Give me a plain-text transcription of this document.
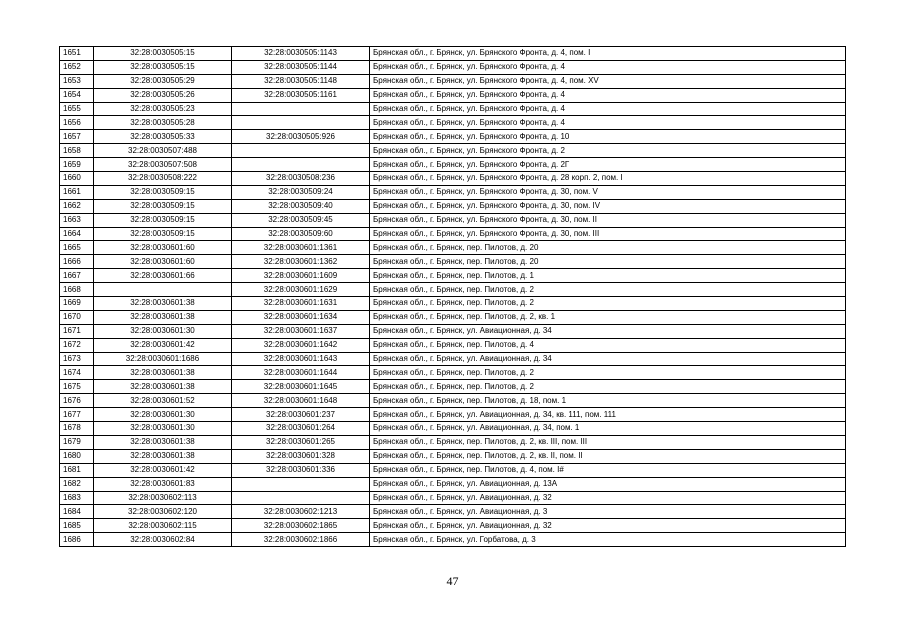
1651	32:28:0030505:15	32:28:0030505:1143	Брянская обл., г. Брянск, ул. Брянского Фронта, д. 4, пом. I
1652	32:28:0030505:15	32:28:0030505:1144	Брянская обл., г. Брянск, ул. Брянского Фронта, д. 4
1653	32:28:0030505:29	32:28:0030505:1148	Брянская обл., г. Брянск, ул. Брянского Фронта, д. 4, пом. XV
1654	32:28:0030505:26	32:28:0030505:1161	Брянская обл., г. Брянск, ул. Брянского Фронта, д. 4
1655	32:28:0030505:23		Брянская обл., г. Брянск, ул. Брянского Фронта, д. 4
1656	32:28:0030505:28		Брянская обл., г. Брянск, ул. Брянского Фронта, д. 4
1657	32:28:0030505:33	32:28:0030505:926	Брянская обл., г. Брянск, ул. Брянского Фронта, д. 10
1658	32:28:0030507:488		Брянская обл., г. Брянск, ул. Брянского Фронта, д. 2
1659	32:28:0030507:508		Брянская обл., г. Брянск, ул. Брянского Фронта, д. 2Г
1660	32:28:0030508:222	32:28:0030508:236	Брянская обл., г. Брянск, ул. Брянского Фронта, д. 28 корп. 2, пом. I
1661	32:28:0030509:15	32:28:0030509:24	Брянская обл., г. Брянск, ул. Брянского Фронта, д. 30, пом. V
1662	32:28:0030509:15	32:28:0030509:40	Брянская обл., г. Брянск, ул. Брянского Фронта, д. 30, пом. IV
1663	32:28:0030509:15	32:28:0030509:45	Брянская обл., г. Брянск, ул. Брянского Фронта, д. 30, пом. II
1664	32:28:0030509:15	32:28:0030509:60	Брянская обл., г. Брянск, ул. Брянского Фронта, д. 30, пом. III
1665	32:28:0030601:60	32:28:0030601:1361	Брянская обл., г. Брянск, пер. Пилотов, д. 20
1666	32:28:0030601:60	32:28:0030601:1362	Брянская обл., г. Брянск, пер. Пилотов, д. 20
1667	32:28:0030601:66	32:28:0030601:1609	Брянская обл., г. Брянск, пер. Пилотов, д. 1
1668		32:28:0030601:1629	Брянская обл., г. Брянск, пер. Пилотов, д. 2
1669	32:28:0030601:38	32:28:0030601:1631	Брянская обл., г. Брянск, пер. Пилотов, д. 2
1670	32:28:0030601:38	32:28:0030601:1634	Брянская обл., г. Брянск, пер. Пилотов, д. 2, кв. 1
1671	32:28:0030601:30	32:28:0030601:1637	Брянская обл., г. Брянск, ул. Авиационная, д. 34
1672	32:28:0030601:42	32:28:0030601:1642	Брянская обл., г. Брянск, пер. Пилотов, д. 4
1673	32:28:0030601:1686	32:28:0030601:1643	Брянская обл., г. Брянск, ул. Авиационная, д. 34
1674	32:28:0030601:38	32:28:0030601:1644	Брянская обл., г. Брянск, пер. Пилотов, д. 2
1675	32:28:0030601:38	32:28:0030601:1645	Брянская обл., г. Брянск, пер. Пилотов, д. 2
1676	32:28:0030601:52	32:28:0030601:1648	Брянская обл., г. Брянск, пер. Пилотов, д. 18, пом. 1
1677	32:28:0030601:30	32:28:0030601:237	Брянская обл., г. Брянск, ул. Авиационная, д. 34, кв. 111, пом. 111
1678	32:28:0030601:30	32:28:0030601:264	Брянская обл., г. Брянск, ул. Авиационная, д. 34, пом. 1
1679	32:28:0030601:38	32:28:0030601:265	Брянская обл., г. Брянск, пер. Пилотов, д. 2, кв. III, пом. III
1680	32:28:0030601:38	32:28:0030601:328	Брянская обл., г. Брянск, пер. Пилотов, д. 2, кв. II, пом. II
1681	32:28:0030601:42	32:28:0030601:336	Брянская обл., г. Брянск, пер. Пилотов, д. 4, пом. I#
1682	32:28:0030601:83		Брянская обл., г. Брянск, ул. Авиационная, д. 13А
1683	32:28:0030602:113		Брянская обл., г. Брянск, ул. Авиационная, д. 32
1684	32:28:0030602:120	32:28:0030602:1213	Брянская обл., г. Брянск, ул. Авиационная, д. 3
1685	32:28:0030602:115	32:28:0030602:1865	Брянская обл., г. Брянск, ул. Авиационная, д. 32
1686	32:28:0030602:84	32:28:0030602:1866	Брянская обл., г. Брянск, ул. Горбатова, д. 3
47
